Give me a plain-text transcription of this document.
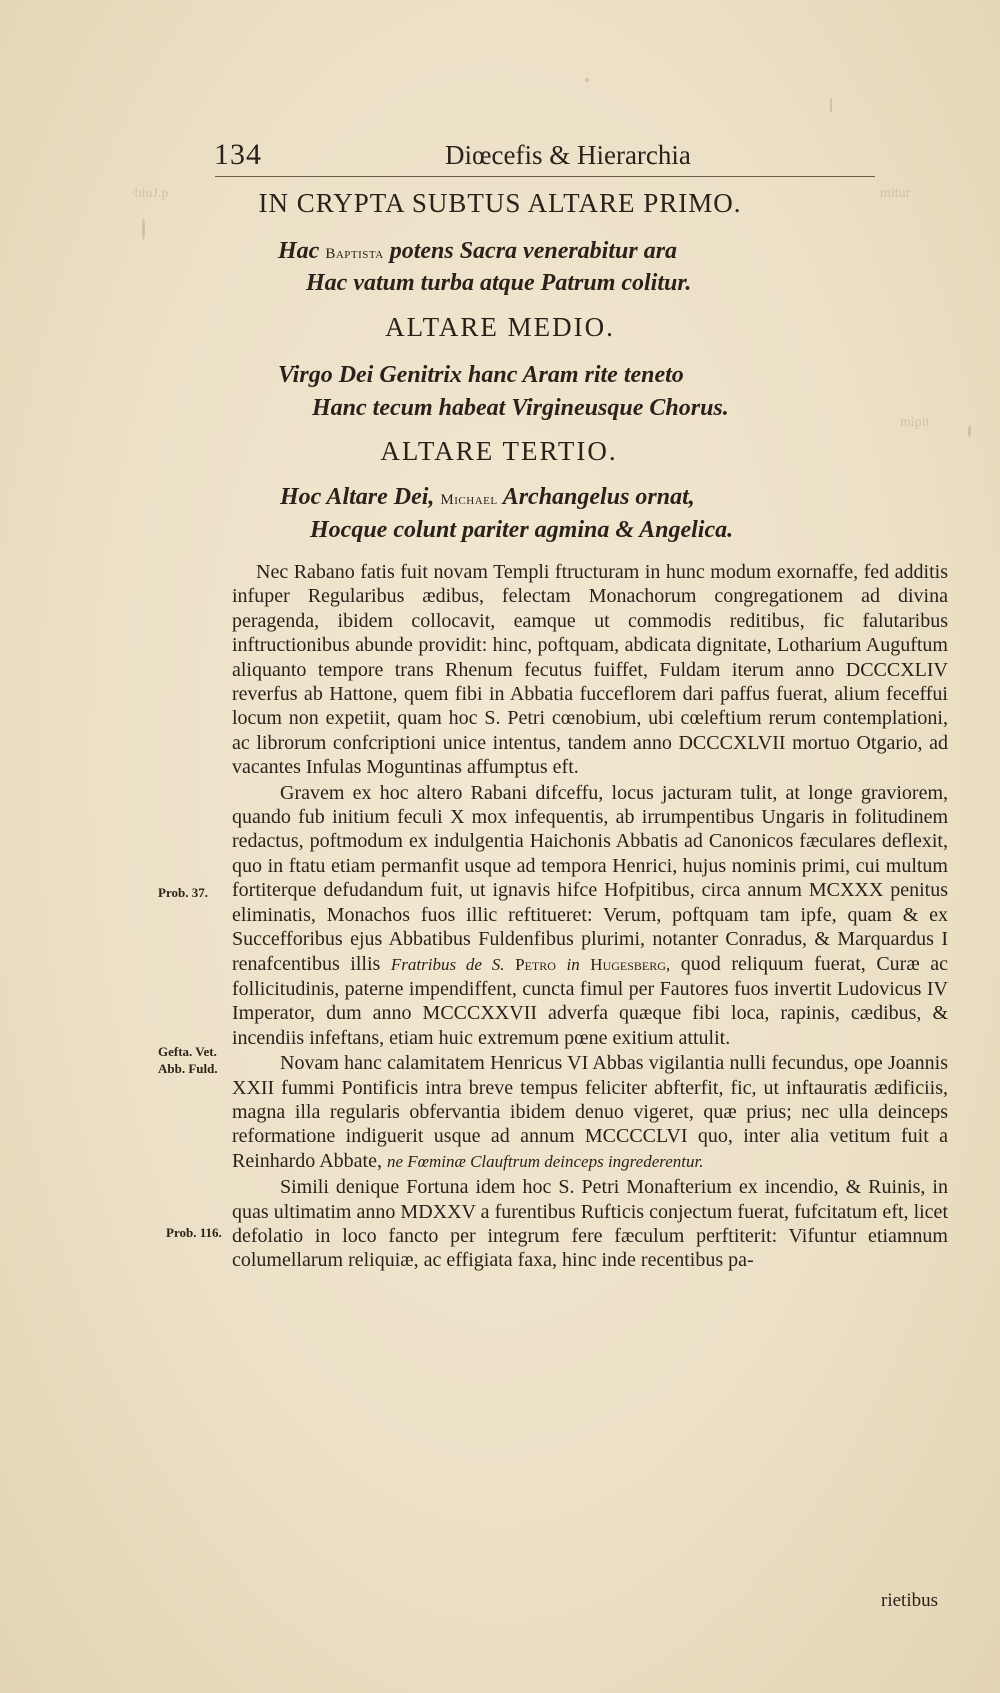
·biuJ.p	mitur
mipit
134	Diœcefis & Hierarchia
IN CRYPTA SUBTUS ALTARE PRIMO.
Hac Baptista potens Sacra venerabitur ara
Hac vatum turba atque Patrum colitur.
ALTARE MEDIO.
Virgo Dei Genitrix hanc Aram rite teneto
Hanc tecum habeat Virgineusque Chorus.
ALTARE TERTIO.
Hoc Altare Dei, Michael Archangelus ornat,
Hocque colunt pariter agmina & Angelica.

Nec Rabano fatis fuit novam Templi ftructuram in hunc modum exornaffe, fed additis infuper Regularibus ædibus, felectam Monachorum congregationem ad divina peragenda, ibidem collocavit, eamque ut commodis reditibus, fic falutaribus inftructionibus abunde providit: hinc, poftquam, abdicata dignitate, Lotharium Auguftum aliquanto tempore trans Rhenum fecutus fuiffet, Fuldam iterum anno DCCCXLIV reverfus ab Hattone, quem fibi in Abbatia fucceflorem dari paffus fuerat, alium feceffui locum non expetiit, quam hoc S. Petri cœnobium, ubi cœleftium rerum contemplationi, ac librorum confcriptioni unice intentus, tandem anno DCCCXLVII mortuo Otgario, ad vacantes Infulas Moguntinas affumptus eft.

Gravem ex hoc altero Rabani difceffu, locus jacturam tulit, at longe graviorem, quando fub initium feculi X mox infequentis, ab irrumpentibus Ungaris in folitudinem redactus, poftmodum ex indulgentia Haichonis Abbatis ad Canonicos fæculares deflexit, quo in ftatu etiam permanfit usque ad tempora Henrici, hujus nominis primi, cui multum fortiterque defudandum fuit, ut ignavis hifce Hofpitibus, circa annum MCXXX penitus eliminatis, Monachos fuos illic reftitueret: Verum, poftquam tam ipfe, quam & ex Succefforibus ejus Abbatibus Fuldenfibus plurimi, notanter Conradus, & Marquardus I renafcentibus illis Fratribus de S. Petro in Hugesberg, quod reliquum fuerat, Curæ ac follicitudinis, paterne impendiffent, cuncta fimul per Fautores fuos invertit Ludovicus IV Imperator, dum anno MCCCXXVII adverfa quæque fibi loca, rapinis, cædibus, & incendiis infeftans, etiam huic extremum pœne exitium attulit.

Novam hanc calamitatem Henricus VI Abbas vigilantia nulli fecundus, ope Joannis XXII fummi Pontificis intra breve tempus feliciter abfterfit, fic, ut inftauratis ædificiis, magna illa regularis obfervantia ibidem denuo vigeret, quæ prius; nec ulla deinceps reformatione indiguerit usque ad annum MCCCCLVI quo, inter alia vetitum fuit a Reinhardo Abbate, ne Fœminæ Clauftrum deinceps ingrederentur.

Simili denique Fortuna idem hoc S. Petri Monafterium ex incendio, & Ruinis, in quas ultimatim anno MDXXV a furentibus Rufticis conjectum fuerat, fufcitatum eft, licet defolatio in loco fancto per integrum fere fæculum perftiterit: Vifuntur etiamnum columellarum reliquiæ, ac effigiata faxa, hinc inde recentibus pa-

Prob. 37.
Gefta. Vet.
Abb. Fuld.
Prob. 116.
rietibus
